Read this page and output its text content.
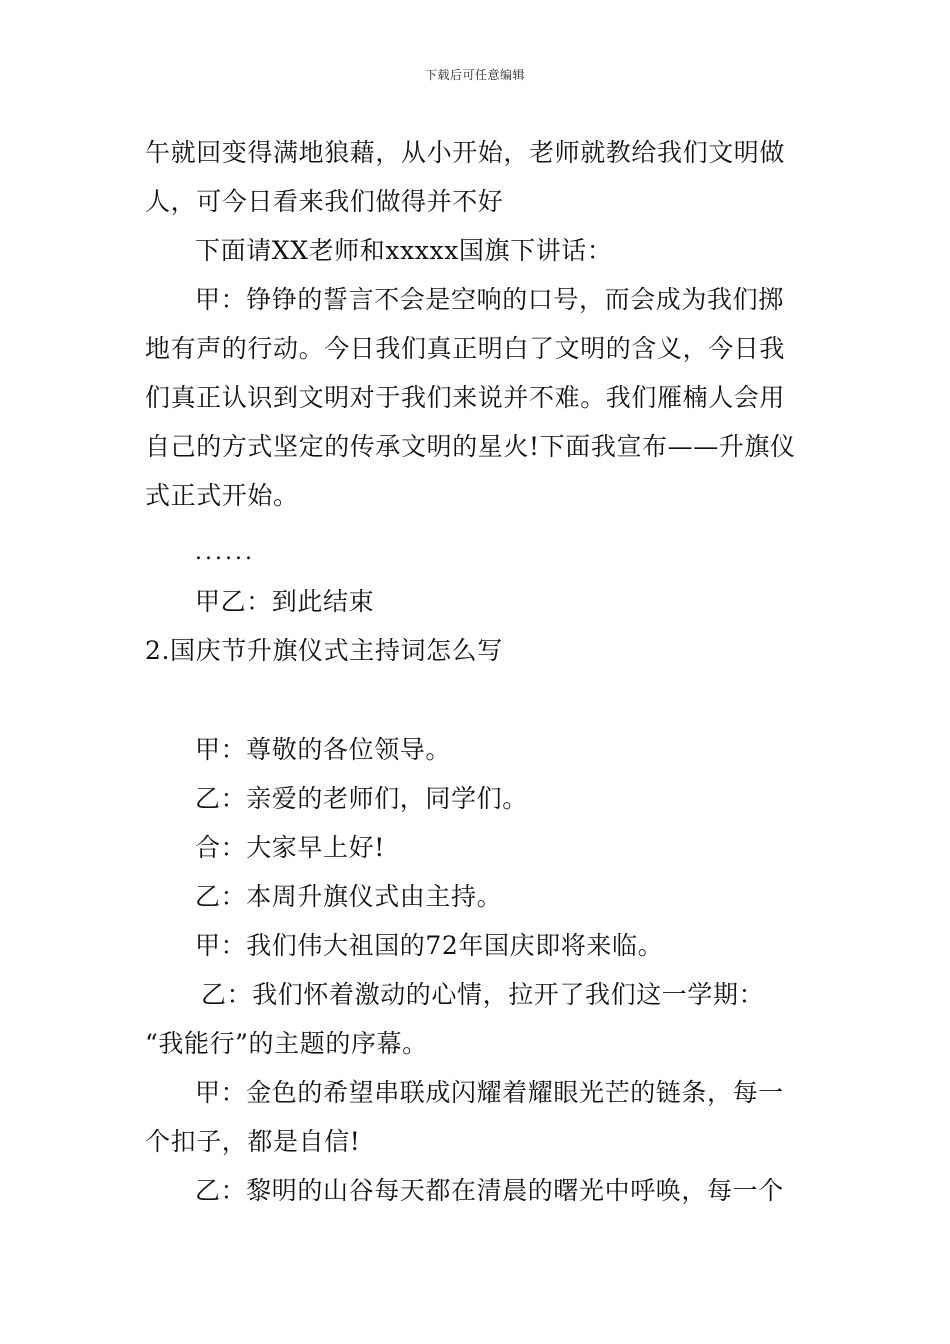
下载后可任意编辑
午就回变得满地狼藉，从小开始，老师就教给我们文明做
人，可今日看来我们做得并不好
下面请XX老师和xxxxx国旗下讲话：
甲：铮铮的誓言不会是空响的口号，而会成为我们掷
地有声的行动。今日我们真正明白了文明的含义，今日我
们真正认识到文明对于我们来说并不难。我们雁楠人会用
自己的方式坚定的传承文明的星火!下面我宣布——升旗仪
式正式开始。
......
甲乙：到此结束
2.国庆节升旗仪式主持词怎么写
甲：尊敬的各位领导。
乙：亲爱的老师们，同学们。
合：大家早上好!
乙：本周升旗仪式由主持。
甲：我们伟大祖国的72年国庆即将来临。
乙：我们怀着激动的心情，拉开了我们这一学期：
“我能行”的主题的序幕。
甲：金色的希望串联成闪耀着耀眼光芒的链条，每一
个扣子，都是自信!
乙：黎明的山谷每天都在清晨的曙光中呼唤，每一个
